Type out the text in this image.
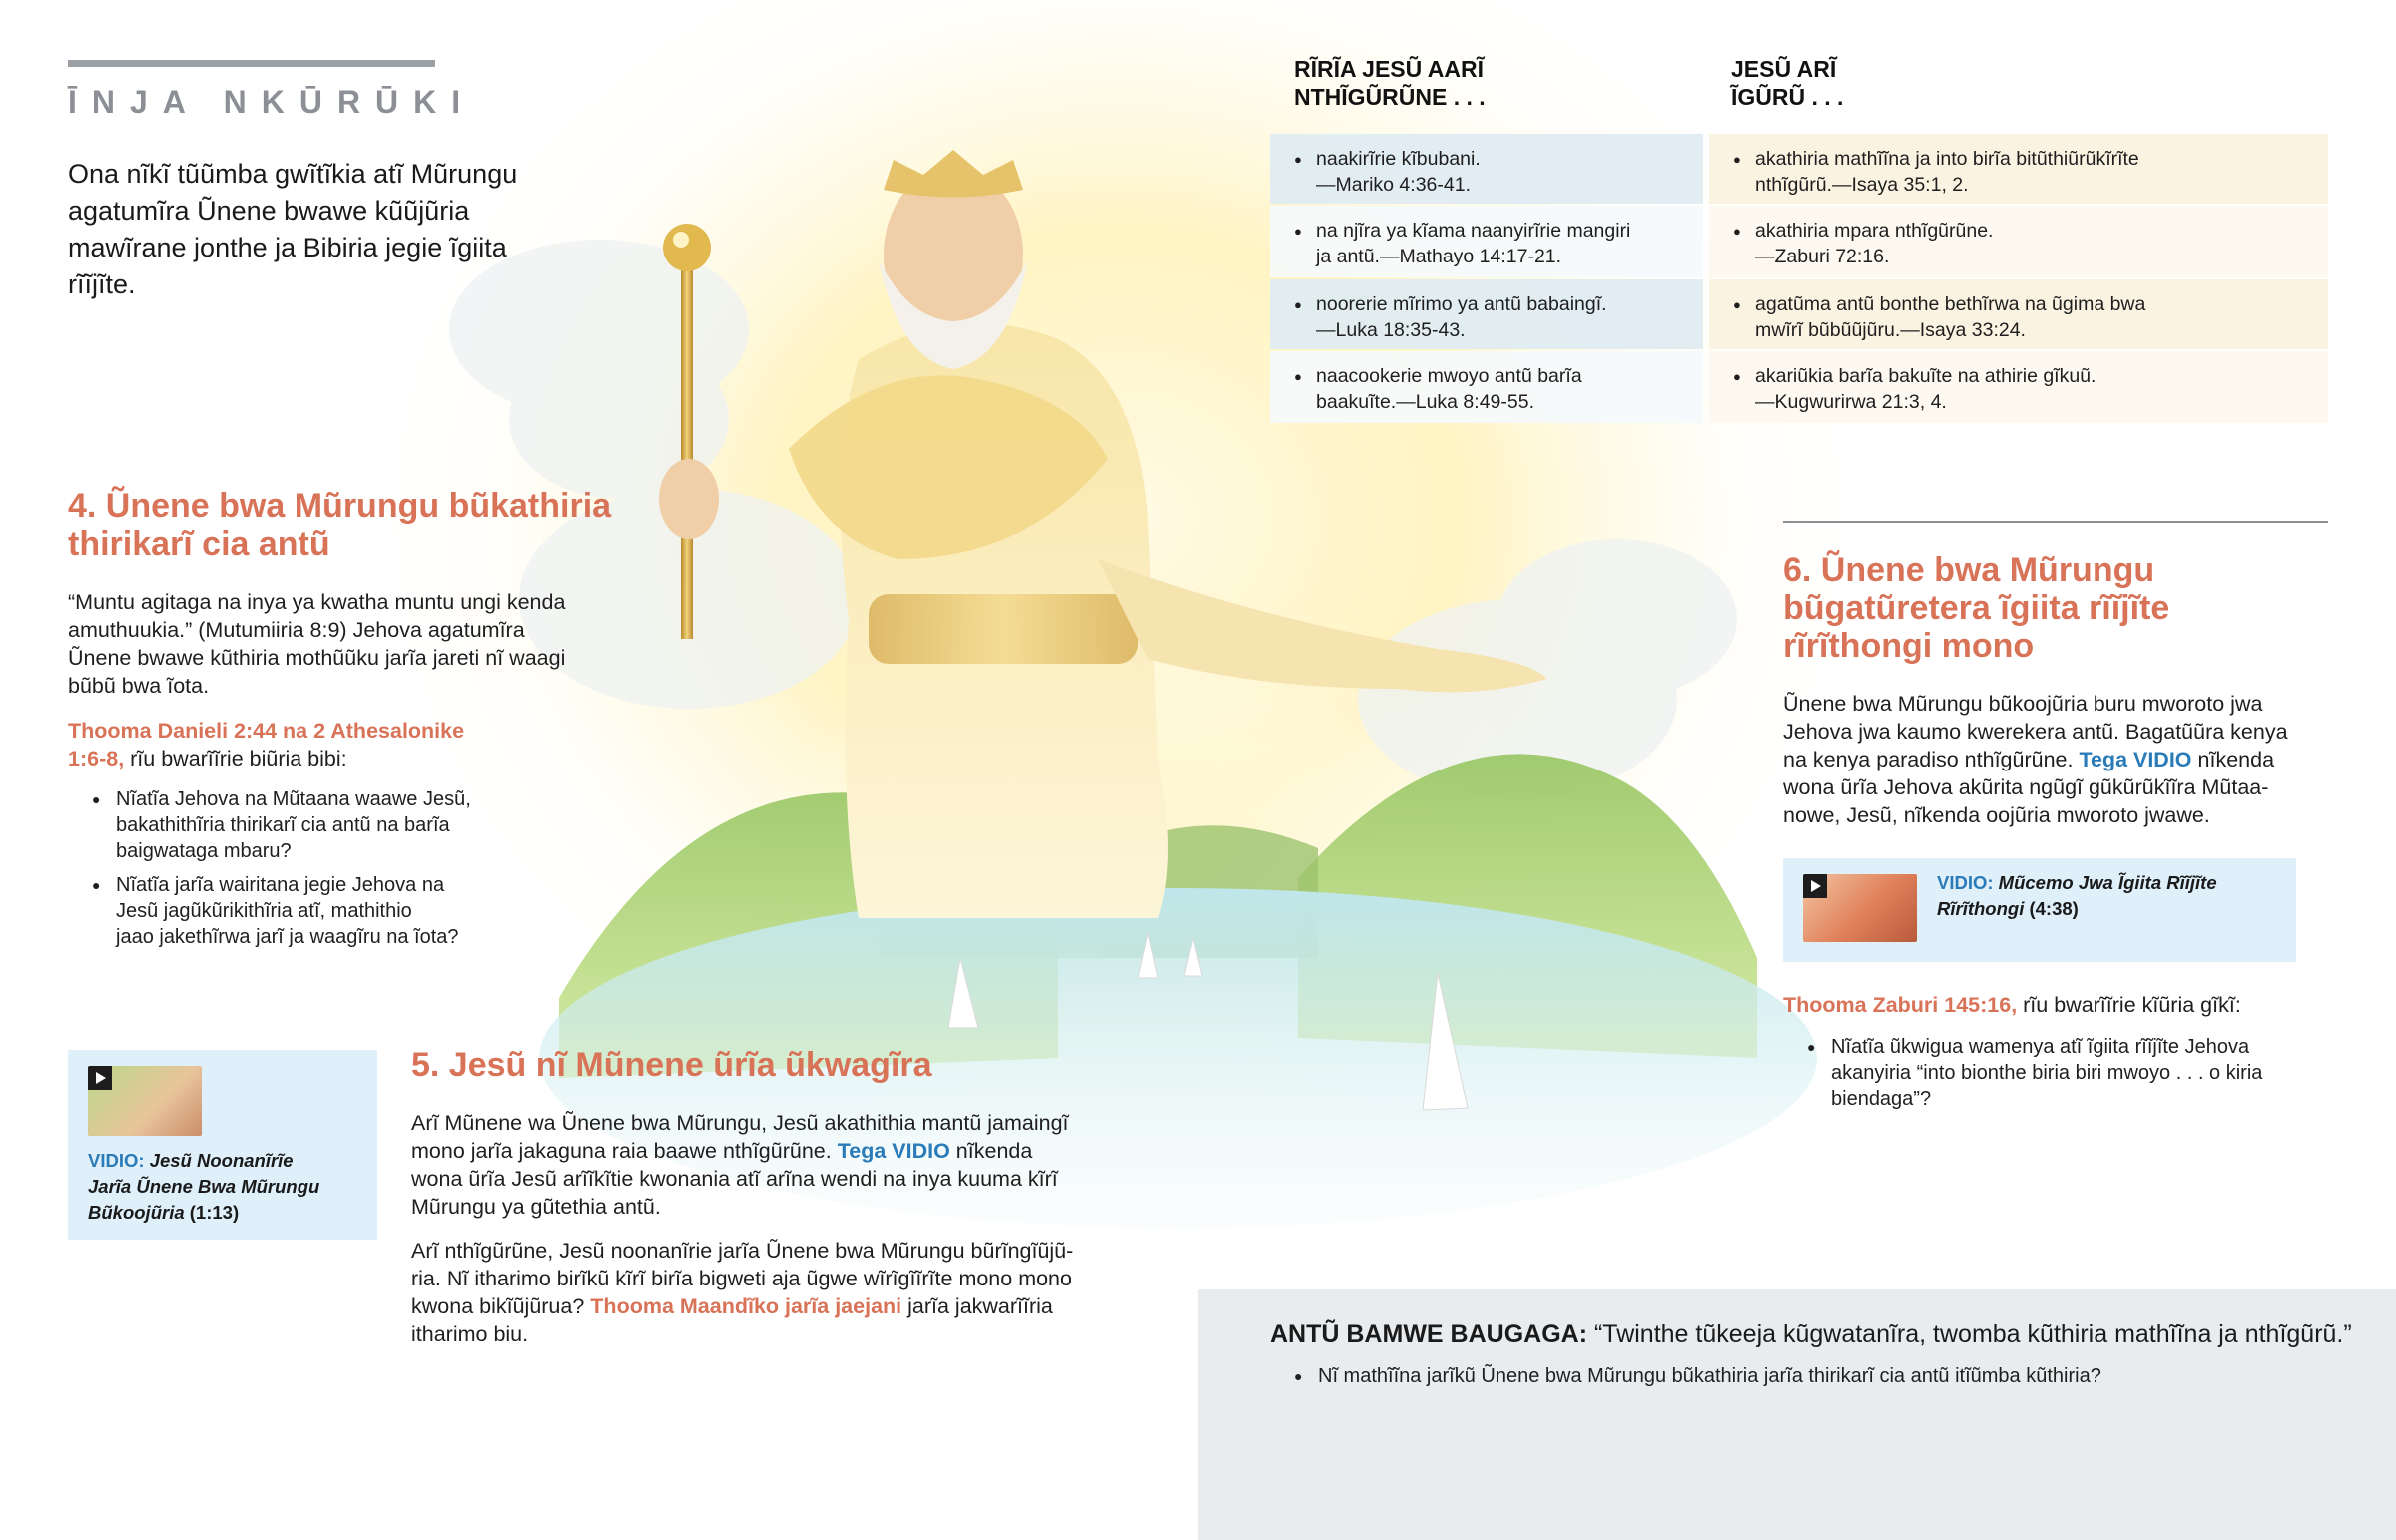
ĪNJA NKŪRŪKI
Ona nĩkĩ tũũmba gwĩtĩkia atĩ Mũrungu agatumĩra Ũnene bwawe kũũjũria mawĩrane jonthe ja Bibiria jegie ĩgiita rĩĩjĩte.
RĨRĨA JESŨ AARĨ
NTHĨGŨRŨNE . . .
JESŨ ARĨ
ĨGŨRŨ . . .
● naakirĩrie kĩbubani.
—Mariko 4:36-41.
● na njĩra ya kĩama naanyirĩrie mangiri
ja antũ.—Mathayo 14:17-21.
● noorerie mĩrimo ya antũ babaingĩ.
—Luka 18:35-43.
● naacookerie mwoyo antũ barĩa
baakuĩte.—Luka 8:49-55.
● akathiria mathĩĩna ja into birĩa bitũthiũrũkĩrĩte
nthĩgũrũ.—Isaya 35:1, 2.
● akathiria mpara nthĩgũrũne.
—Zaburi 72:16.
● agatũma antũ bonthe bethĩrwa na ũgima bwa
mwĩrĩ bũbũũjũru.—Isaya 33:24.
● akariũkia barĩa bakuĩte na athirie gĩkuũ.
—Kugwurirwa 21:3, 4.
4. Ũnene bwa Mũrungu bũkathiria
thirikarĩ cia antũ
“Muntu agitaga na inya ya kwatha muntu ungi kenda
amuthuukia.” (Mutumiiria 8:9) Jehova agatumĩra
Ũnene bwawe kũthiria mothũũku jarĩa jareti nĩ waagi
bũbũ bwa ĩota.
Thooma Danieli 2:44 na 2 Athesalonike
1:6-8, rĩu bwarĩĩrie biũria bibi:
● Nĩatĩa Jehova na Mũtaana waawe Jesũ,
bakathithĩria thirikarĩ cia antũ na barĩa
baigwataga mbaru?
● Nĩatĩa jarĩa wairitana jegie Jehova na
Jesũ jagũkũrikithĩria atĩ, mathithio
jaao jakethĩrwa jarĩ ja waagĩru na ĩota?
VIDIO: Jesũ Noonanĩrĩe
Jarĩa Ũnene Bwa Mũrungu
Bũkoojũria (1:13)
5. Jesũ nĩ Mũnene ũrĩa ũkwagĩra
Arĩ Mũnene wa Ũnene bwa Mũrungu, Jesũ akathithia mantũ jamaingĩ
mono jarĩa jakaguna raia baawe nthĩgũrũne. Tega VIDIO nĩkenda
wona ũrĩa Jesũ arĩĩkĩtie kwonania atĩ arĩna wendi na inya kuuma kĩrĩ
Mũrungu ya gũtethia antũ.
Arĩ nthĩgũrũne, Jesũ noonanĩrie jarĩa Ũnene bwa Mũrungu bũrĩngĩũjũ-
ria. Nĩ itharimo birĩkũ kĩrĩ birĩa bigweti aja ũgwe wĩrĩgĩĩrĩte mono mono
kwona bikĩũjũrua? Thooma Maandĩko jarĩa jaejani jarĩa jakwarĩĩria
itharimo biu.
6. Ũnene bwa Mũrungu
bũgatũretera ĩgiita rĩĩjĩte
rĩrĩthongi mono
Ũnene bwa Mũrungu bũkoojũria buru mworoto jwa
Jehova jwa kaumo kwerekera antũ. Bagatũũra kenya
na kenya paradiso nthĩgũrũne. Tega VIDIO nĩkenda
wona ũrĩa Jehova akũrita ngũgĩ gũkũrũkĩĩra Mũtaa-
nowe, Jesũ, nĩkenda oojũria mworoto jwawe.
VIDIO: Mũcemo Jwa Ĩgiita Rĩĩjĩte
Rĩrĩthongi (4:38)
Thooma Zaburi 145:16, rĩu bwarĩĩrie kĩũria gĩkĩ:
● Nĩatĩa ũkwigua wamenya atĩ ĩgiita rĩĩjĩte Jehova
akanyiria “into bionthe biria biri mwoyo . . . o kiria
biendaga”?
ANTŨ BAMWE BAUGAGA: “Twinthe tũkeeja kũgwatanĩra, twomba kũthiria mathĩĩna ja nthĩgũrũ.”
● Nĩ mathĩĩna jarĩkũ Ũnene bwa Mũrungu bũkathiria jarĩa thirikarĩ cia antũ itĩũmba kũthiria?
